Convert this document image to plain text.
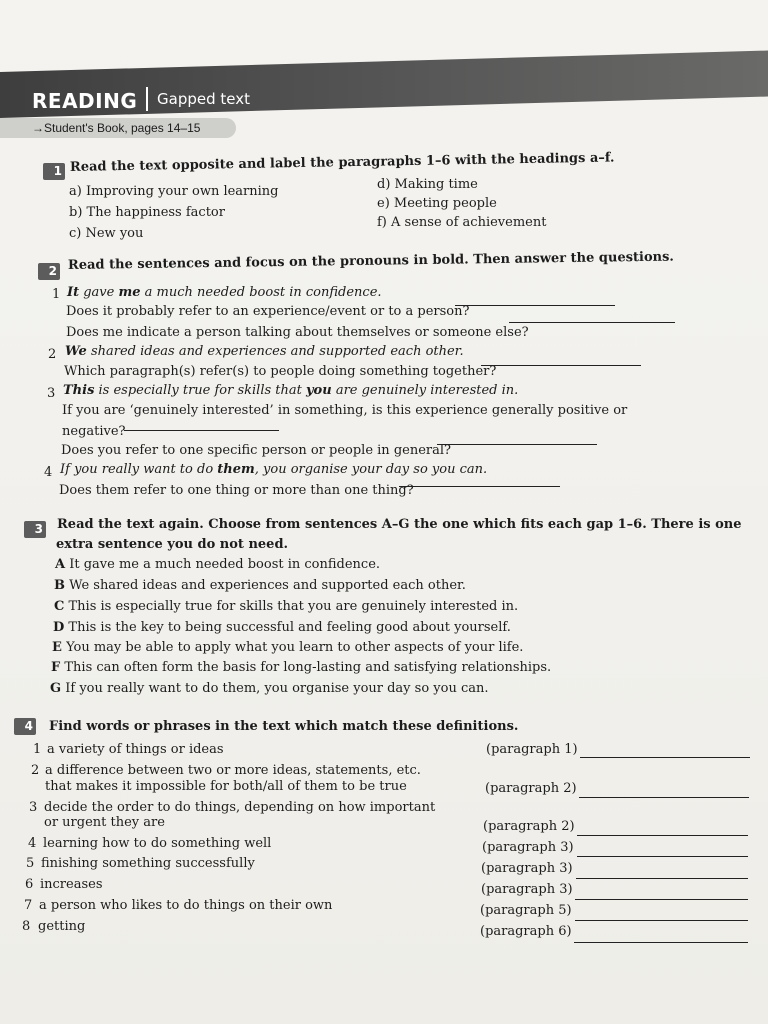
READING Gapped text
→Student's Book, pages 14–15
1 Read the text opposite and label the paragraphs 1–6 with the headings a–f.
a) Improving your own learning
b) The happiness factor
c) New you
d) Making time
e) Meeting people
f) A sense of achievement
2 Read the sentences and focus on the pronouns in bold. Then answer the questions.
1 It gave me a much needed boost in confidence.
Does it probably refer to an experience/event or to a person?
Does me indicate a person talking about themselves or someone else?
2 We shared ideas and experiences and supported each other.
Which paragraph(s) refer(s) to people doing something together?
3 This is especially true for skills that you are genuinely interested in.
If you are ‘genuinely interested’ in something, is this experience generally positive or
negative?
Does you refer to one specific person or people in general?
4 If you really want to do them, you organise your day so you can.
Does them refer to one thing or more than one thing?
3 Read the text again. Choose from sentences A–G the one which fits each gap 1–6. There is one
extra sentence you do not need.
A It gave me a much needed boost in confidence.
B We shared ideas and experiences and supported each other.
C This is especially true for skills that you are genuinely interested in.
D This is the key to being successful and feeling good about yourself.
E You may be able to apply what you learn to other aspects of your life.
F This can often form the basis for long-lasting and satisfying relationships.
G If you really want to do them, you organise your day so you can.
4 Find words or phrases in the text which match these definitions.
1 a variety of things or ideas	(paragraph 1)
2 a difference between two or more ideas, statements, etc.
that makes it impossible for both/all of them to be true	(paragraph 2)
3 decide the order to do things, depending on how important
or urgent they are	(paragraph 2)
4 learning how to do something well	(paragraph 3)
5 finishing something successfully	(paragraph 3)
6 increases	(paragraph 3)
7 a person who likes to do things on their own	(paragraph 5)
8 getting	(paragraph 6)
